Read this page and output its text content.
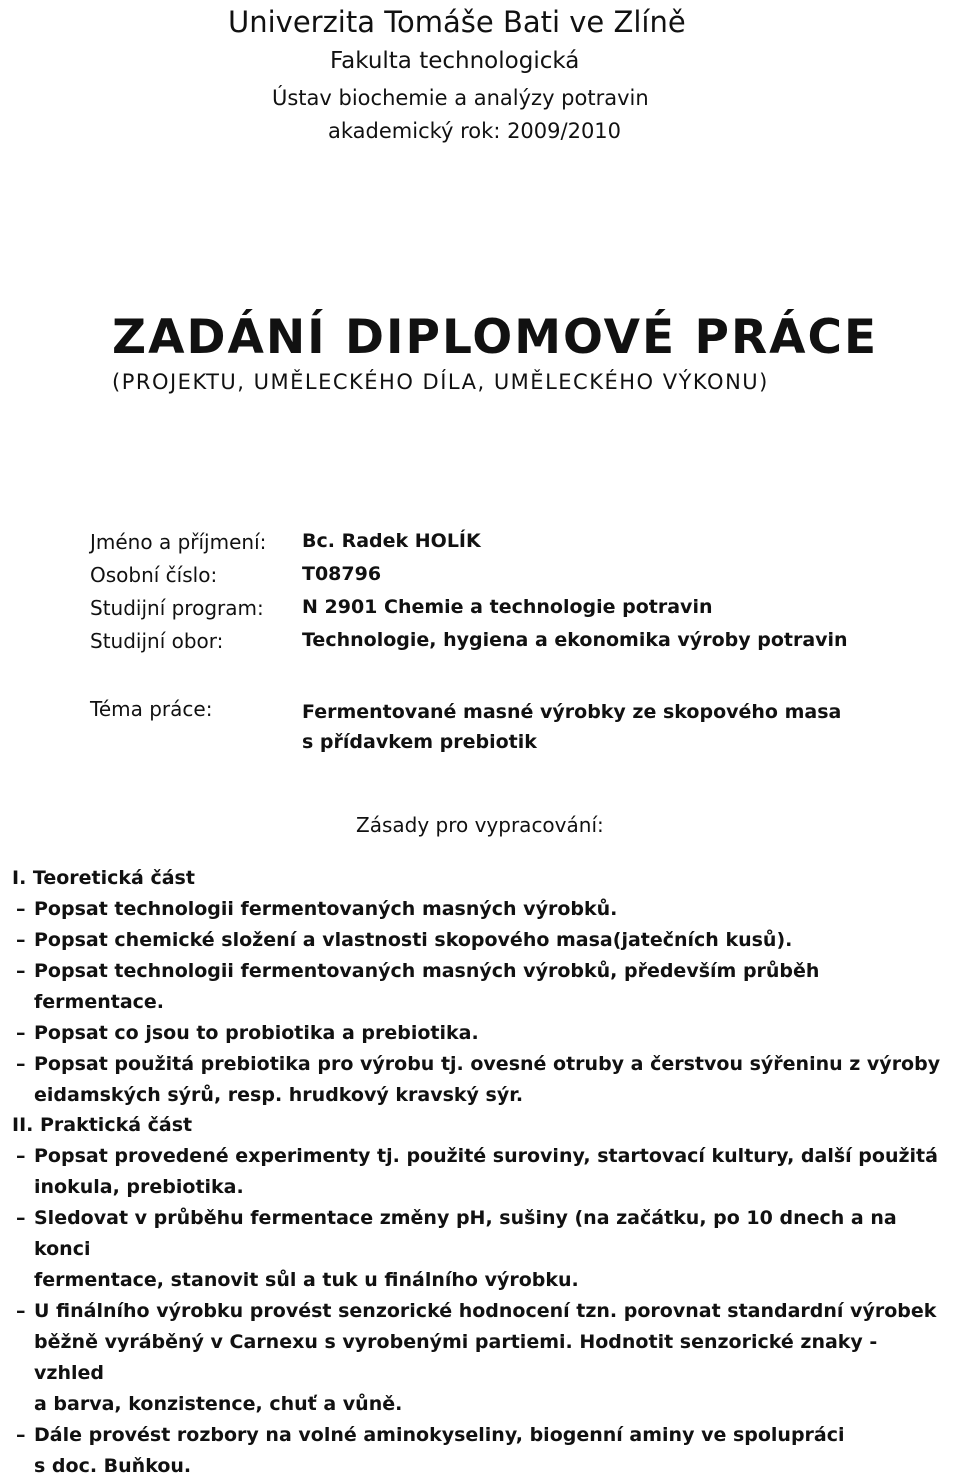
Univerzita Tomáše Bati ve Zlíně
Fakulta technologická
Ústav biochemie a analýzy potravin
akademický rok: 2009/2010
ZADÁNÍ DIPLOMOVÉ PRÁCE
(PROJEKTU, UMĚLECKÉHO DÍLA, UMĚLECKÉHO VÝKONU)
Jméno a příjmení: Bc. Radek HOLÍK
Osobní číslo:	T08796
Studijní program: N 2901 Chemie a technologie potravin
Studijní obor:	Technologie, hygiena a ekonomika výroby potravin
Téma práce:	Fermentované masné výrobky ze skopového masa
s přídavkem prebiotik
Zásady pro vypracování:
I. Teoretická část
– Popsat technologii fermentovaných masných výrobků.
– Popsat chemické složení a vlastnosti skopového masa(jatečních kusů).
– Popsat technologii fermentovaných masných výrobků, především průběh fermentace.
– Popsat co jsou to probiotika a prebiotika.
– Popsat použitá prebiotika pro výrobu tj. ovesné otruby a čerstvou sýřeninu z výroby
eidamských sýrů, resp. hrudkový kravský sýr.
II. Praktická část
– Popsat provedené experimenty tj. použité suroviny, startovací kultury, další použitá
inokula, prebiotika.
– Sledovat v průběhu fermentace změny pH, sušiny (na začátku, po 10 dnech a na konci
fermentace, stanovit sůl a tuk u finálního výrobku.
– U finálního výrobku provést senzorické hodnocení tzn. porovnat standardní výrobek
běžně vyráběný v Carnexu s vyrobenými partiemi. Hodnotit senzorické znaky - vzhled
a barva, konzistence, chuť a vůně.
– Dále provést rozbory na volné aminokyseliny, biogenní aminy ve spolupráci
s doc. Buňkou.
